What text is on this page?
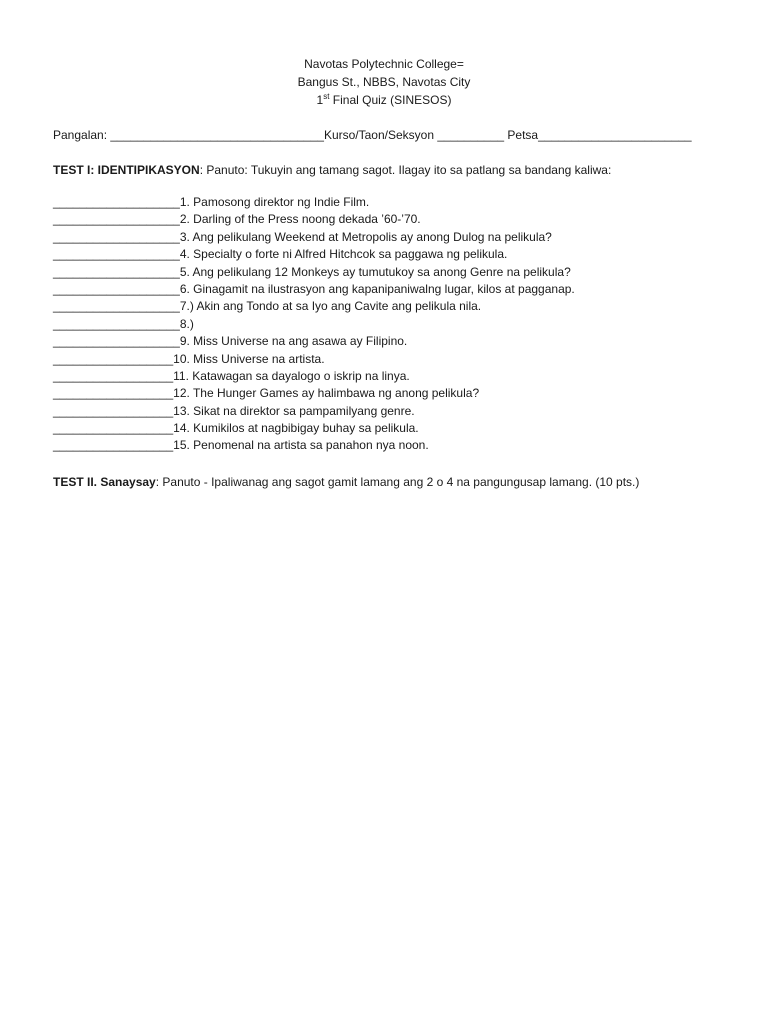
Navotas Polytechnic College=
Bangus St., NBBS, Navotas City
1st Final Quiz (SINESOS)
Pangalan: ________________________________Kurso/Taon/Seksyon __________ Petsa_______________________
TEST I: IDENTIPIKASYON: Panuto: Tukuyin ang tamang sagot. Ilagay ito sa patlang sa bandang kaliwa:
___________________1. Pamosong direktor ng Indie Film.
___________________2. Darling of the Press noong dekada ’60-’70.
___________________3. Ang pelikulang Weekend at Metropolis ay anong Dulog na pelikula?
___________________4. Specialty o forte ni Alfred Hitchcok sa paggawa ng pelikula.
___________________5. Ang pelikulang 12 Monkeys ay tumutukoy sa anong Genre na pelikula?
___________________6. Ginagamit na ilustrasyon ang kapanipaniwalng lugar, kilos at pagganap.
___________________7.) Akin ang Tondo at sa Iyo ang Cavite ang pelikula nila.
___________________8.)
___________________9. Miss Universe na ang asawa ay Filipino.
__________________10. Miss Universe na artista.
__________________11. Katawagan sa dayalogo o iskrip na linya.
__________________12. The Hunger Games ay halimbawa ng anong pelikula?
__________________13. Sikat na direktor sa pampamilyang genre.
__________________14. Kumikilos at nagbibigay buhay sa pelikula.
__________________15. Penomenal na artista sa panahon nya noon.
TEST II. Sanaysay: Panuto - Ipaliwanag ang sagot gamit lamang ang 2 o 4 na pangungusap lamang. (10 pts.)
